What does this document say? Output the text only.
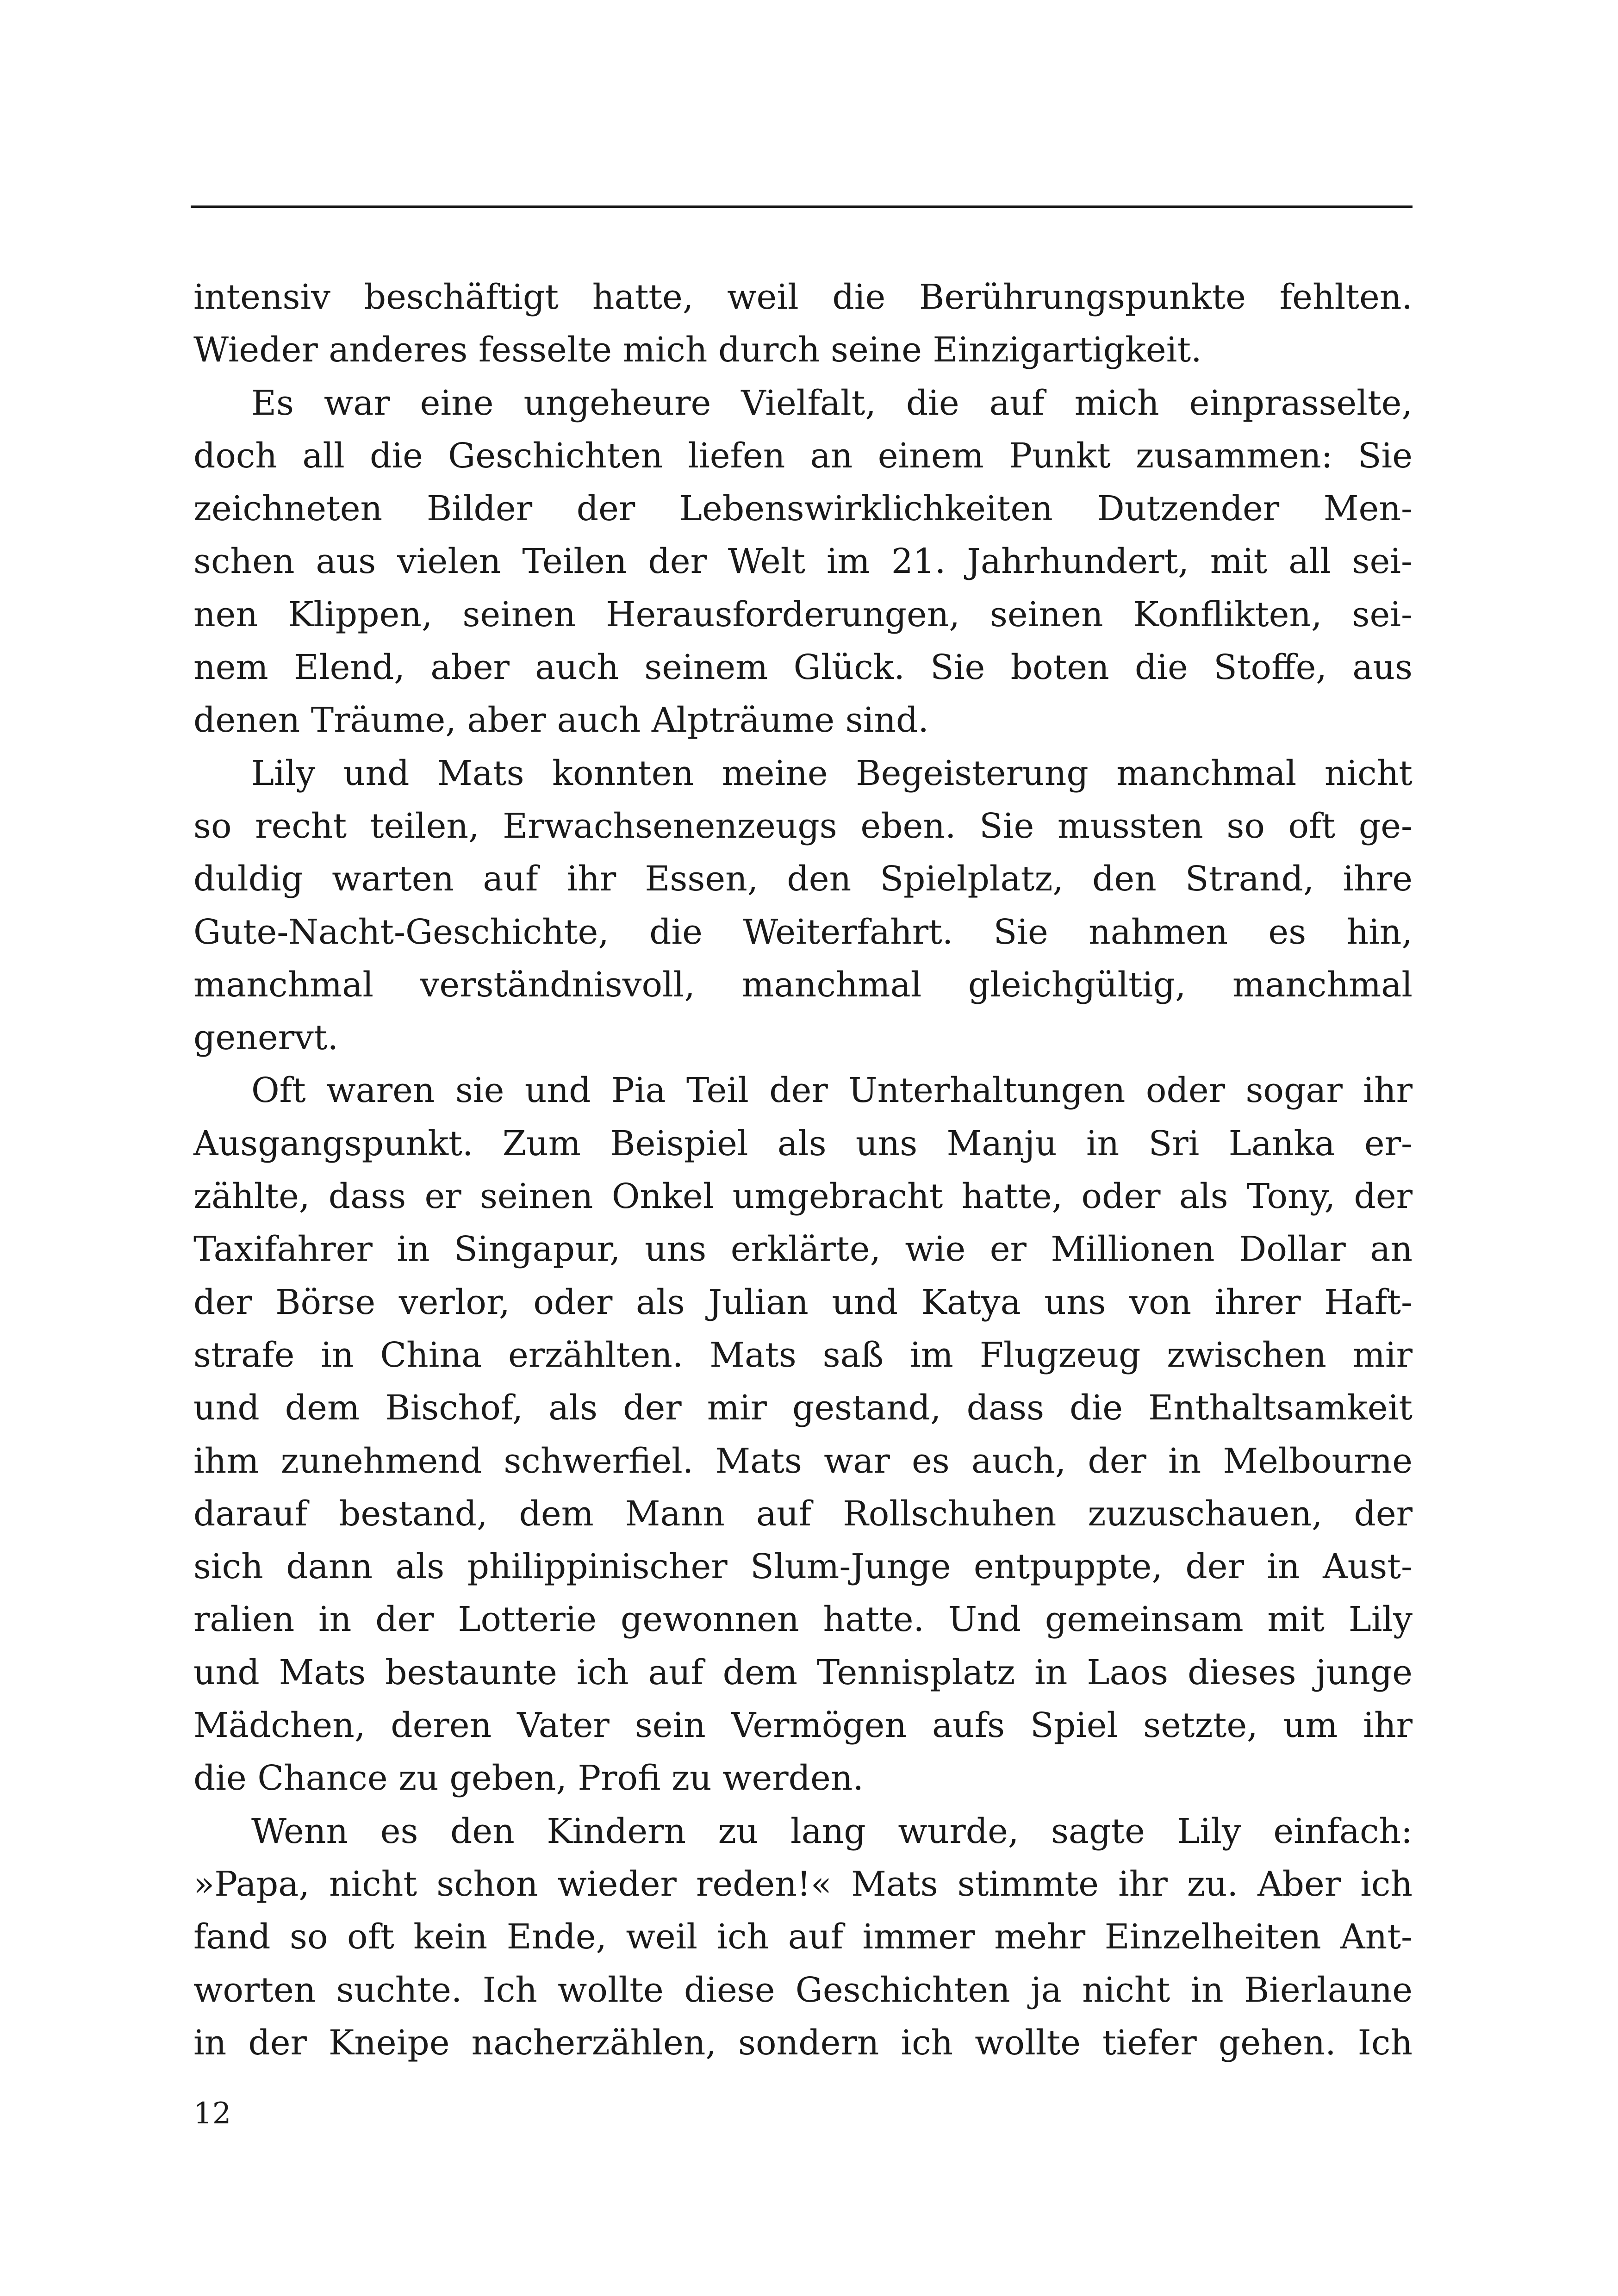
intensiv beschäftigt hatte, weil die Berührungspunkte fehlten.
Wieder anderes fesselte mich durch seine Einzigartigkeit.
Es war eine ungeheure Vielfalt, die auf mich einprasselte,
doch all die Geschichten liefen an einem Punkt zusammen: Sie
zeichneten Bilder der Lebenswirklichkeiten Dutzender Men-
schen aus vielen Teilen der Welt im 21. Jahrhundert, mit all sei-
nen Klippen, seinen Herausforderungen, seinen Konflikten, sei-
nem Elend, aber auch seinem Glück. Sie boten die Stoffe, aus
denen Träume, aber auch Alpträume sind.
Lily und Mats konnten meine Begeisterung manchmal nicht
so recht teilen, Erwachsenenzeugs eben. Sie mussten so oft ge-
duldig warten auf ihr Essen, den Spielplatz, den Strand, ihre
Gute-Nacht-Geschichte, die Weiterfahrt. Sie nahmen es hin,
manchmal verständnisvoll, manchmal gleichgültig, manchmal
genervt.
Oft waren sie und Pia Teil der Unterhaltungen oder sogar ihr
Ausgangspunkt. Zum Beispiel als uns Manju in Sri Lanka er-
zählte, dass er seinen Onkel umgebracht hatte, oder als Tony, der
Taxifahrer in Singapur, uns erklärte, wie er Millionen Dollar an
der Börse verlor, oder als Julian und Katya uns von ihrer Haft-
strafe in China erzählten. Mats saß im Flugzeug zwischen mir
und dem Bischof, als der mir gestand, dass die Enthaltsamkeit
ihm zunehmend schwerfiel. Mats war es auch, der in Melbourne
darauf bestand, dem Mann auf Rollschuhen zuzuschauen, der
sich dann als philippinischer Slum-Junge entpuppte, der in Aust-
ralien in der Lotterie gewonnen hatte. Und gemeinsam mit Lily
und Mats bestaunte ich auf dem Tennisplatz in Laos dieses junge
Mädchen, deren Vater sein Vermögen aufs Spiel setzte, um ihr
die Chance zu geben, Profi zu werden.
Wenn es den Kindern zu lang wurde, sagte Lily einfach:
»Papa, nicht schon wieder reden!« Mats stimmte ihr zu. Aber ich
fand so oft kein Ende, weil ich auf immer mehr Einzelheiten Ant-
worten suchte. Ich wollte diese Geschichten ja nicht in Bierlaune
in der Kneipe nacherzählen, sondern ich wollte tiefer gehen. Ich
12
